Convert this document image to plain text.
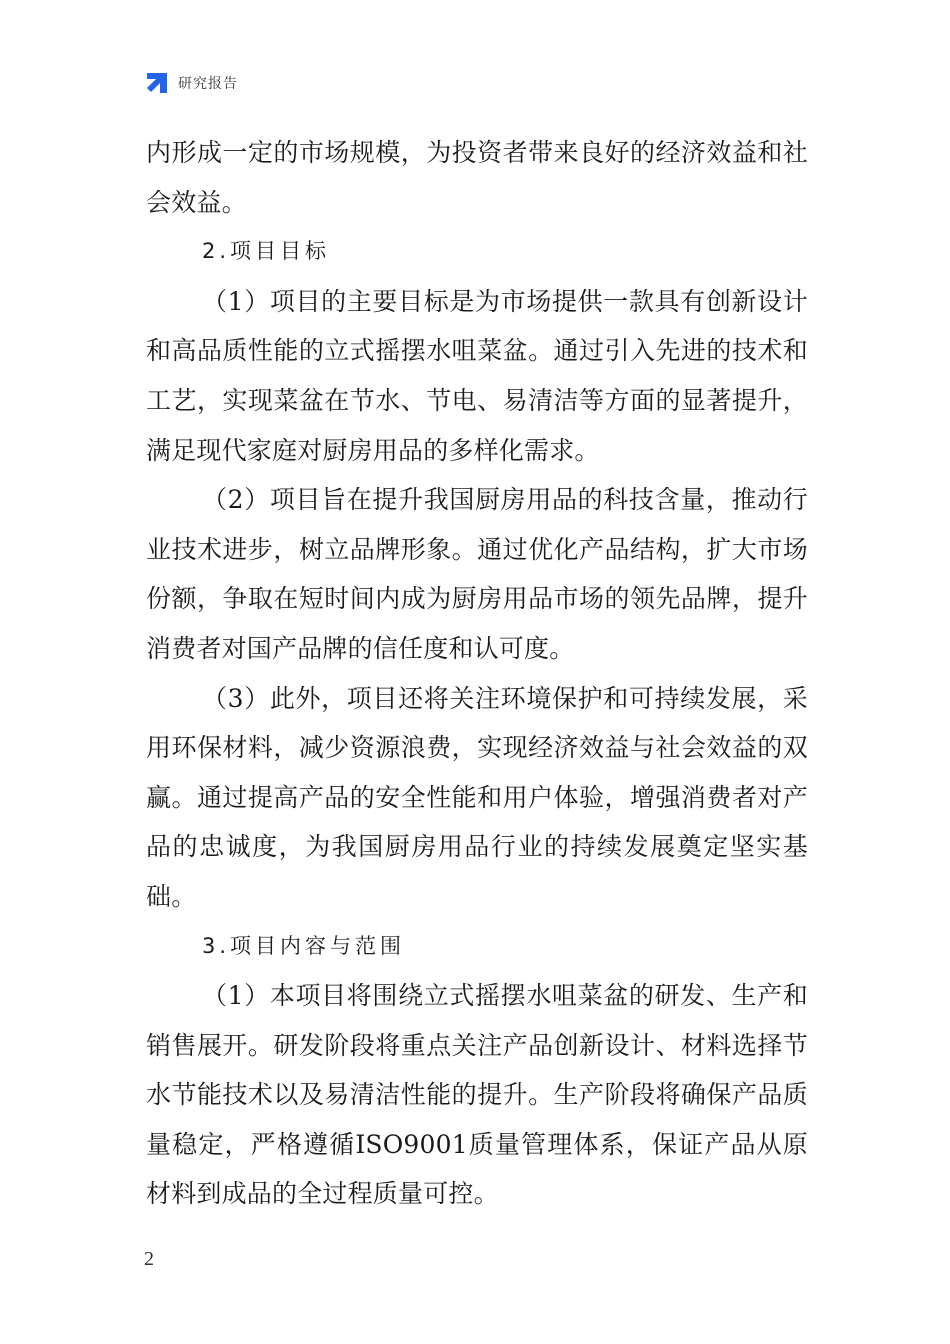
研究报告

内形成一定的市场规模，为投资者带来良好的经济效益和社会效益。

2.项目目标

（1）项目的主要目标是为市场提供一款具有创新设计和高品质性能的立式摇摆水咀菜盆。通过引入先进的技术和工艺，实现菜盆在节水、节电、易清洁等方面的显著提升，满足现代家庭对厨房用品的多样化需求。

（2）项目旨在提升我国厨房用品的科技含量，推动行业技术进步，树立品牌形象。通过优化产品结构，扩大市场份额，争取在短时间内成为厨房用品市场的领先品牌，提升消费者对国产品牌的信任度和认可度。

（3）此外，项目还将关注环境保护和可持续发展，采用环保材料，减少资源浪费，实现经济效益与社会效益的双赢。通过提高产品的安全性能和用户体验，增强消费者对产品的忠诚度，为我国厨房用品行业的持续发展奠定坚实基础。

3.项目内容与范围

（1）本项目将围绕立式摇摆水咀菜盆的研发、生产和销售展开。研发阶段将重点关注产品创新设计、材料选择节水节能技术以及易清洁性能的提升。生产阶段将确保产品质量稳定，严格遵循ISO9001质量管理体系，保证产品从原材料到成品的全过程质量可控。

2
